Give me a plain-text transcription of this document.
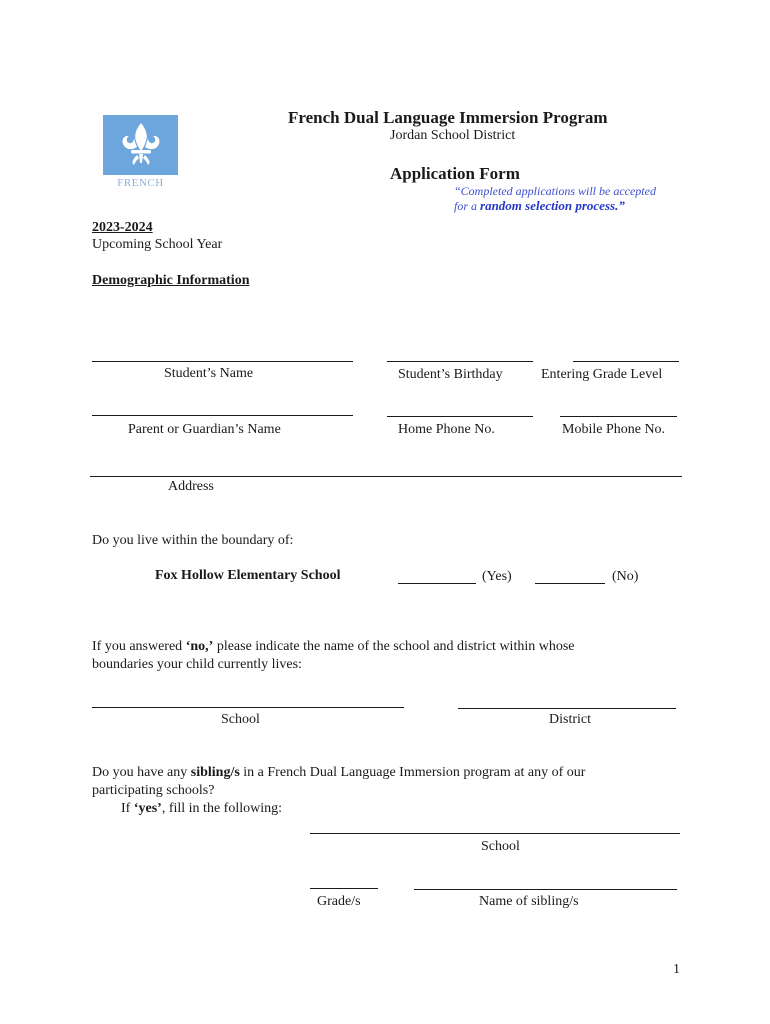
FRENCH
French Dual Language Immersion Program
Jordan School District
Application Form
“Completed applications will be accepted
for a random selection process.”
2023-2024
Upcoming School Year
Demographic Information
Student’s Name	Student’s Birthday	Entering Grade Level
Parent or Guardian’s Name	Home Phone No.	Mobile Phone No.
Address
Do you live within the boundary of:
Fox Hollow Elementary School	(Yes)	(No)
If you answered ‘no,’ please indicate the name of the school and district within whose
boundaries your child currently lives:
School	District
Do you have any sibling/s in a French Dual Language Immersion program at any of our
participating schools?
If ‘yes’, fill in the following:
School
Grade/s	Name of sibling/s
1
